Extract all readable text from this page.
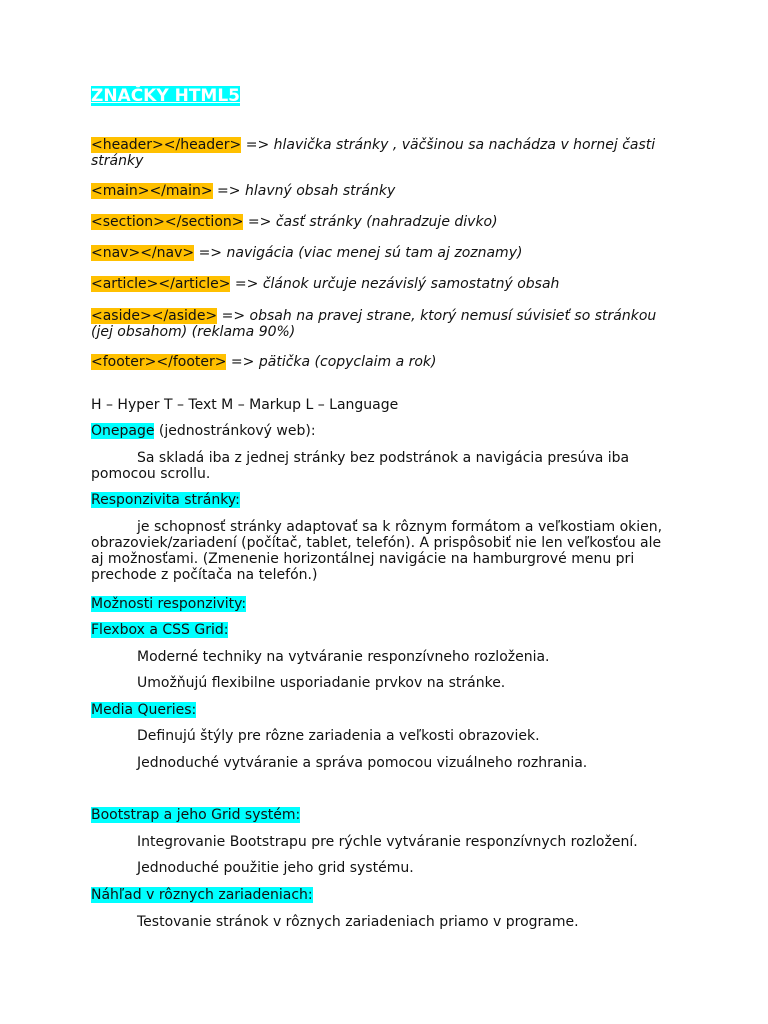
ZNAČKY HTML5
<header></header> => hlavička stránky , väčšinou sa nachádza v hornej časti
stránky
<main></main> => hlavný obsah stránky
<section></section> => časť stránky (nahradzuje divko)
<nav></nav> => navigácia (viac menej sú tam aj zoznamy)
<article></article> => článok určuje nezávislý samostatný obsah
<aside></aside> => obsah na pravej strane, ktorý nemusí súvisieť so stránkou
(jej obsahom) (reklama 90%)
<footer></footer> => pätička (copyclaim a rok)
H – Hyper T – Text M – Markup L – Language
Onepage (jednostránkový web):
Sa skladá iba z jednej stránky bez podstránok a navigácia presúva iba
pomocou scrollu.
Responzivita stránky:
je schopnosť stránky adaptovať sa k rôznym formátom a veľkostiam okien,
obrazoviek/zariadení (počítač, tablet, telefón). A prispôsobiť nie len veľkosťou ale
aj možnosťami. (Zmenenie horizontálnej navigácie na hamburgrové menu pri
prechode z počítača na telefón.)
Možnosti responzivity:
Flexbox a CSS Grid:
Moderné techniky na vytváranie responzívneho rozloženia.
Umožňujú flexibilne usporiadanie prvkov na stránke.
Media Queries:
Definujú štýly pre rôzne zariadenia a veľkosti obrazoviek.
Jednoduché vytváranie a správa pomocou vizuálneho rozhrania.
Bootstrap a jeho Grid systém:
Integrovanie Bootstrapu pre rýchle vytváranie responzívnych rozložení.
Jednoduché použitie jeho grid systému.
Náhľad v rôznych zariadeniach:
Testovanie stránok v rôznych zariadeniach priamo v programe.
